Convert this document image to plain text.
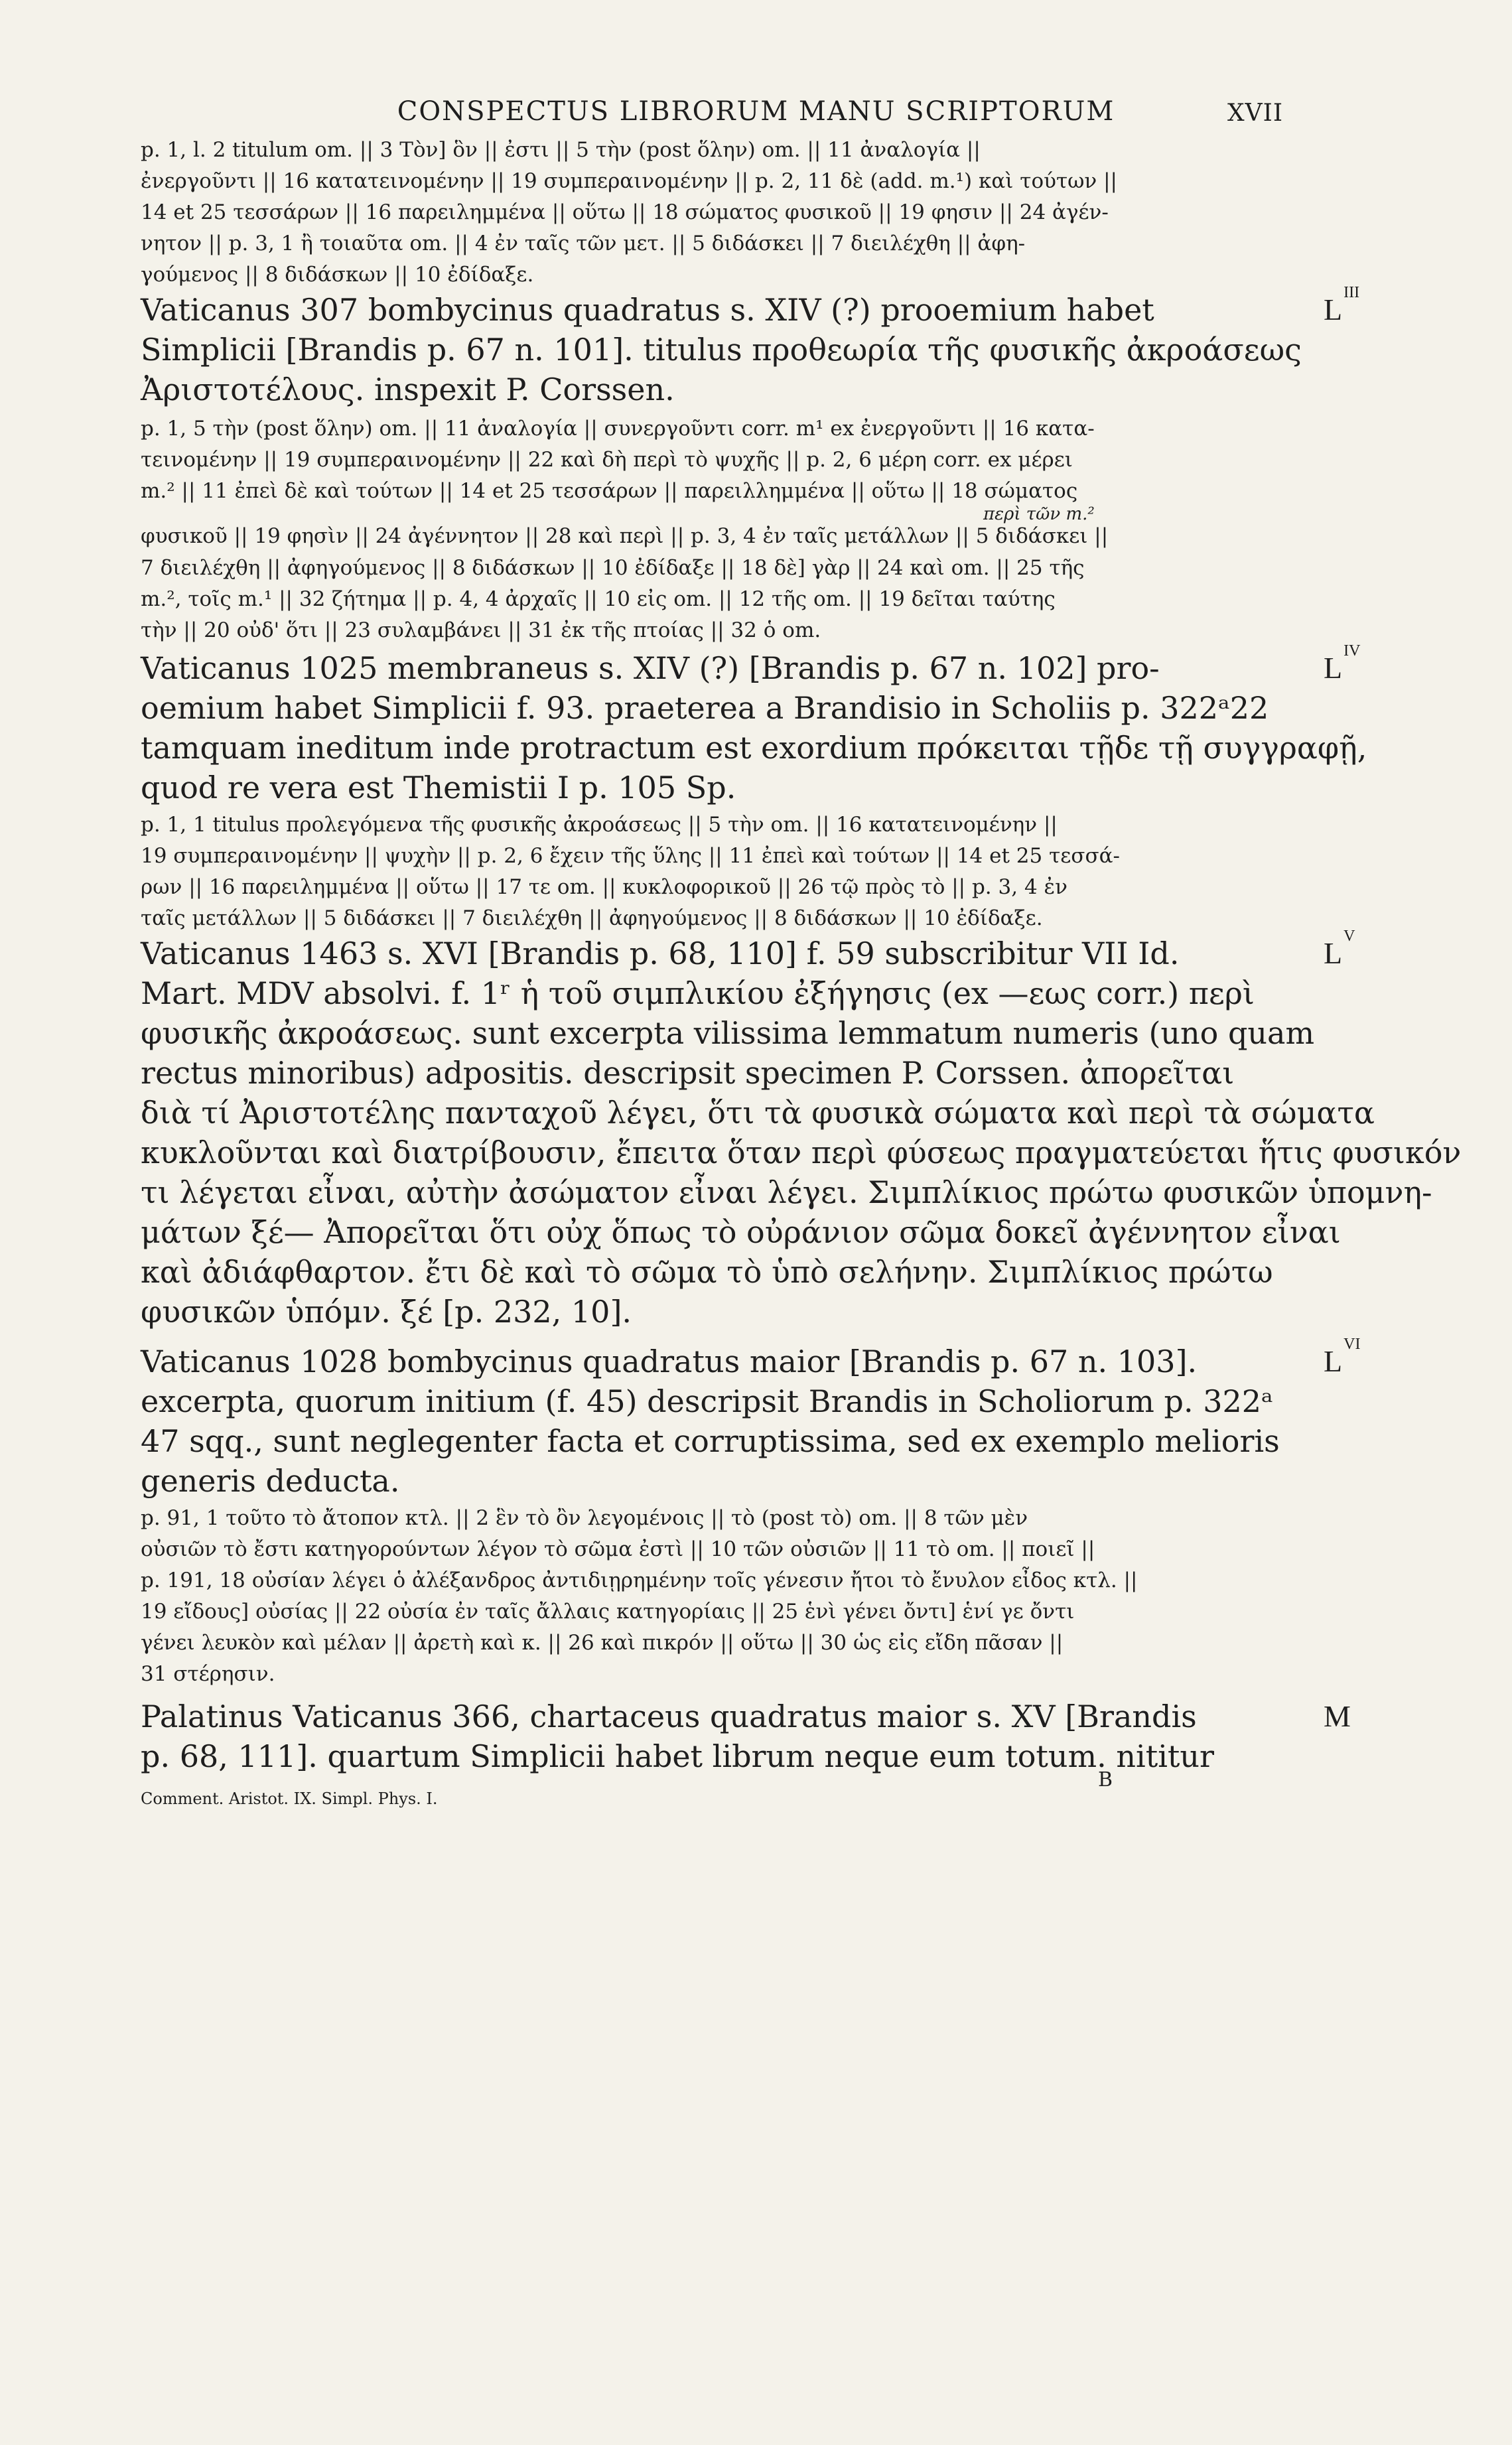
CONSPECTUS LIBRORUM MANU SCRIPTORUM	XVII
p. 1, l. 2 titulum om. || 3 Tὸν] ὃν || ἐστι || 5 τὴν (post ὅλην) om. || 11 ἀναλογία ||
ἐνεργοῦντι || 16 κατατεινομένην || 19 συμπεραινομένην || p. 2, 11 δὲ (add. m.¹) καὶ τούτων ||
14 et 25 τεσσάρων || 16 παρειλημμένα || οὕτω || 18 σώματος φυσικοῦ || 19 φησιν || 24 ἀγέν-
νητον || p. 3, 1 ἢ τοιαῦτα om. || 4 ἐν ταῖς τῶν μετ. || 5 διδάσκει || 7 διειλέχθη || ἀφη-
γούμενος || 8 διδάσκων || 10 ἐδίδαξε.
Vaticanus 307 bombycinus quadratus s. XIV (?) prooemium habet
Simplicii [Brandis p. 67 n. 101]. titulus προθεωρία τῆς φυσικῆς ἀκροάσεως
Ἀριστοτέλους. inspexit P. Corssen.
p. 1, 5 τὴν (post ὅλην) om. || 11 ἀναλογία || συνεργοῦντι corr. m¹ ex ἐνεργοῦντι || 16 κατα-
τεινομένην || 19 συμπεραινομένην || 22 καὶ δὴ περὶ τὸ ψυχῆς || p. 2, 6 μέρη corr. ex μέρει
m.² || 11 ἐπεὶ δὲ καὶ τούτων || 14 et 25 τεσσάρων || παρειλλημμένα || οὕτω || 18 σώματος
φυσικοῦ || 19 φησὶν || 24 ἀγέννητον || 28 καὶ περὶ || p. 3, 4 ἐν ταῖς μετάλλων || 5 διδάσκει ||
7 διειλέχθη || ἀφηγούμενος || 8 διδάσκων || 10 ἐδίδαξε || 18 δὲ] γὰρ || 24 καὶ om. || 25 τῆς
m.², τοῖς m.¹ || 32 ζήτημα || p. 4, 4 ἀρχαῖς || 10 εἰς om. || 12 τῆς om. || 19 δεῖται ταύτης
τὴν || 20 οὐδ' ὅτι || 23 συλαμβάνει || 31 ἐκ τῆς πτοίας || 32 ὁ om.
Vaticanus 1025 membraneus s. XIV (?) [Brandis p. 67 n. 102] pro-
oemium habet Simplicii f. 93. praeterea a Brandisio in Scholiis p. 322ᵃ22
tamquam ineditum inde protractum est exordium πρόκειται τῇδε τῇ συγγραφῇ,
quod re vera est Themistii I p. 105 Sp.
p. 1, 1 titulus προλεγόμενα τῆς φυσικῆς ἀκροάσεως || 5 τὴν om. || 16 κατατεινομένην ||
19 συμπεραινομένην || ψυχὴν || p. 2, 6 ἔχειν τῆς ὕλης || 11 ἐπεὶ καὶ τούτων || 14 et 25 τεσσά-
ρων || 16 παρειλημμένα || οὕτω || 17 τε om. || κυκλοφορικοῦ || 26 τῷ πρὸς τὸ || p. 3, 4 ἐν
ταῖς μετάλλων || 5 διδάσκει || 7 διειλέχθη || ἀφηγούμενος || 8 διδάσκων || 10 ἐδίδαξε.
Vaticanus 1463 s. XVI [Brandis p. 68, 110] f. 59 subscribitur VII Id.
Mart. MDV absolvi. f. 1ʳ ἡ τοῦ σιμπλικίου ἐξήγησις (ex —εως corr.) περὶ
φυσικῆς ἀκροάσεως. sunt excerpta vilissima lemmatum numeris (uno quam
rectus minoribus) adpositis. descripsit specimen P. Corssen. ἀπορεῖται
διὰ τί Ἀριστοτέλης πανταχοῦ λέγει, ὅτι τὰ φυσικὰ σώματα καὶ περὶ τὰ σώματα
κυκλοῦνται καὶ διατρίβουσιν, ἔπειτα ὅταν περὶ φύσεως πραγματεύεται ἥτις φυσικόν
τι λέγεται εἶναι, αὐτὴν ἀσώματον εἶναι λέγει. Σιμπλίκιος πρώτω φυσικῶν ὑπομνη-
μάτων ξέ— Ἀπορεῖται ὅτι οὐχ ὅπως τὸ οὐράνιον σῶμα δοκεῖ ἀγέννητον εἶναι
καὶ ἀδιάφθαρτον. ἔτι δὲ καὶ τὸ σῶμα τὸ ὑπὸ σελήνην. Σιμπλίκιος πρώτω
φυσικῶν ὑπόμν. ξέ [p. 232, 10].
Vaticanus 1028 bombycinus quadratus maior [Brandis p. 67 n. 103].
excerpta, quorum initium (f. 45) descripsit Brandis in Scholiorum p. 322ᵃ
47 sqq., sunt neglegenter facta et corruptissima, sed ex exemplo melioris
generis deducta.
p. 91, 1 τοῦτο τὸ ἄτοπον κτλ. || 2 ἓν τὸ ὂν λεγομένοις || τὸ (post τὸ) om. || 8 τῶν μὲν
οὐσιῶν τὸ ἔστι κατηγορούντων λέγον τὸ σῶμα ἐστὶ || 10 τῶν οὐσιῶν || 11 τὸ om. || ποιεῖ ||
p. 191, 18 οὐσίαν λέγει ὁ ἀλέξανδρος ἀντιδιῃρημένην τοῖς γένεσιν ἤτοι τὸ ἔνυλον εἶδος κτλ. ||
19 εἴδους] οὐσίας || 22 οὐσία ἐν ταῖς ἄλλαις κατηγορίαις || 25 ἑνὶ γένει ὄντι] ἑνί γε ὄντι
γένει λευκὸν καὶ μέλαν || ἀρετὴ καὶ κ. || 26 καὶ πικρόν || οὕτω || 30 ὡς εἰς εἴδη πᾶσαν ||
31 στέρησιν.
Palatinus Vaticanus 366, chartaceus quadratus maior s. XV [Brandis
p. 68, 111]. quartum Simplicii habet librum neque eum totum. nititur
Comment. Aristot. IX. Simpl. Phys. I.
περὶ τῶν m.²
$L^{III}$
$L^{IV}$
$L^V$
$L^{VI}$
M
B
